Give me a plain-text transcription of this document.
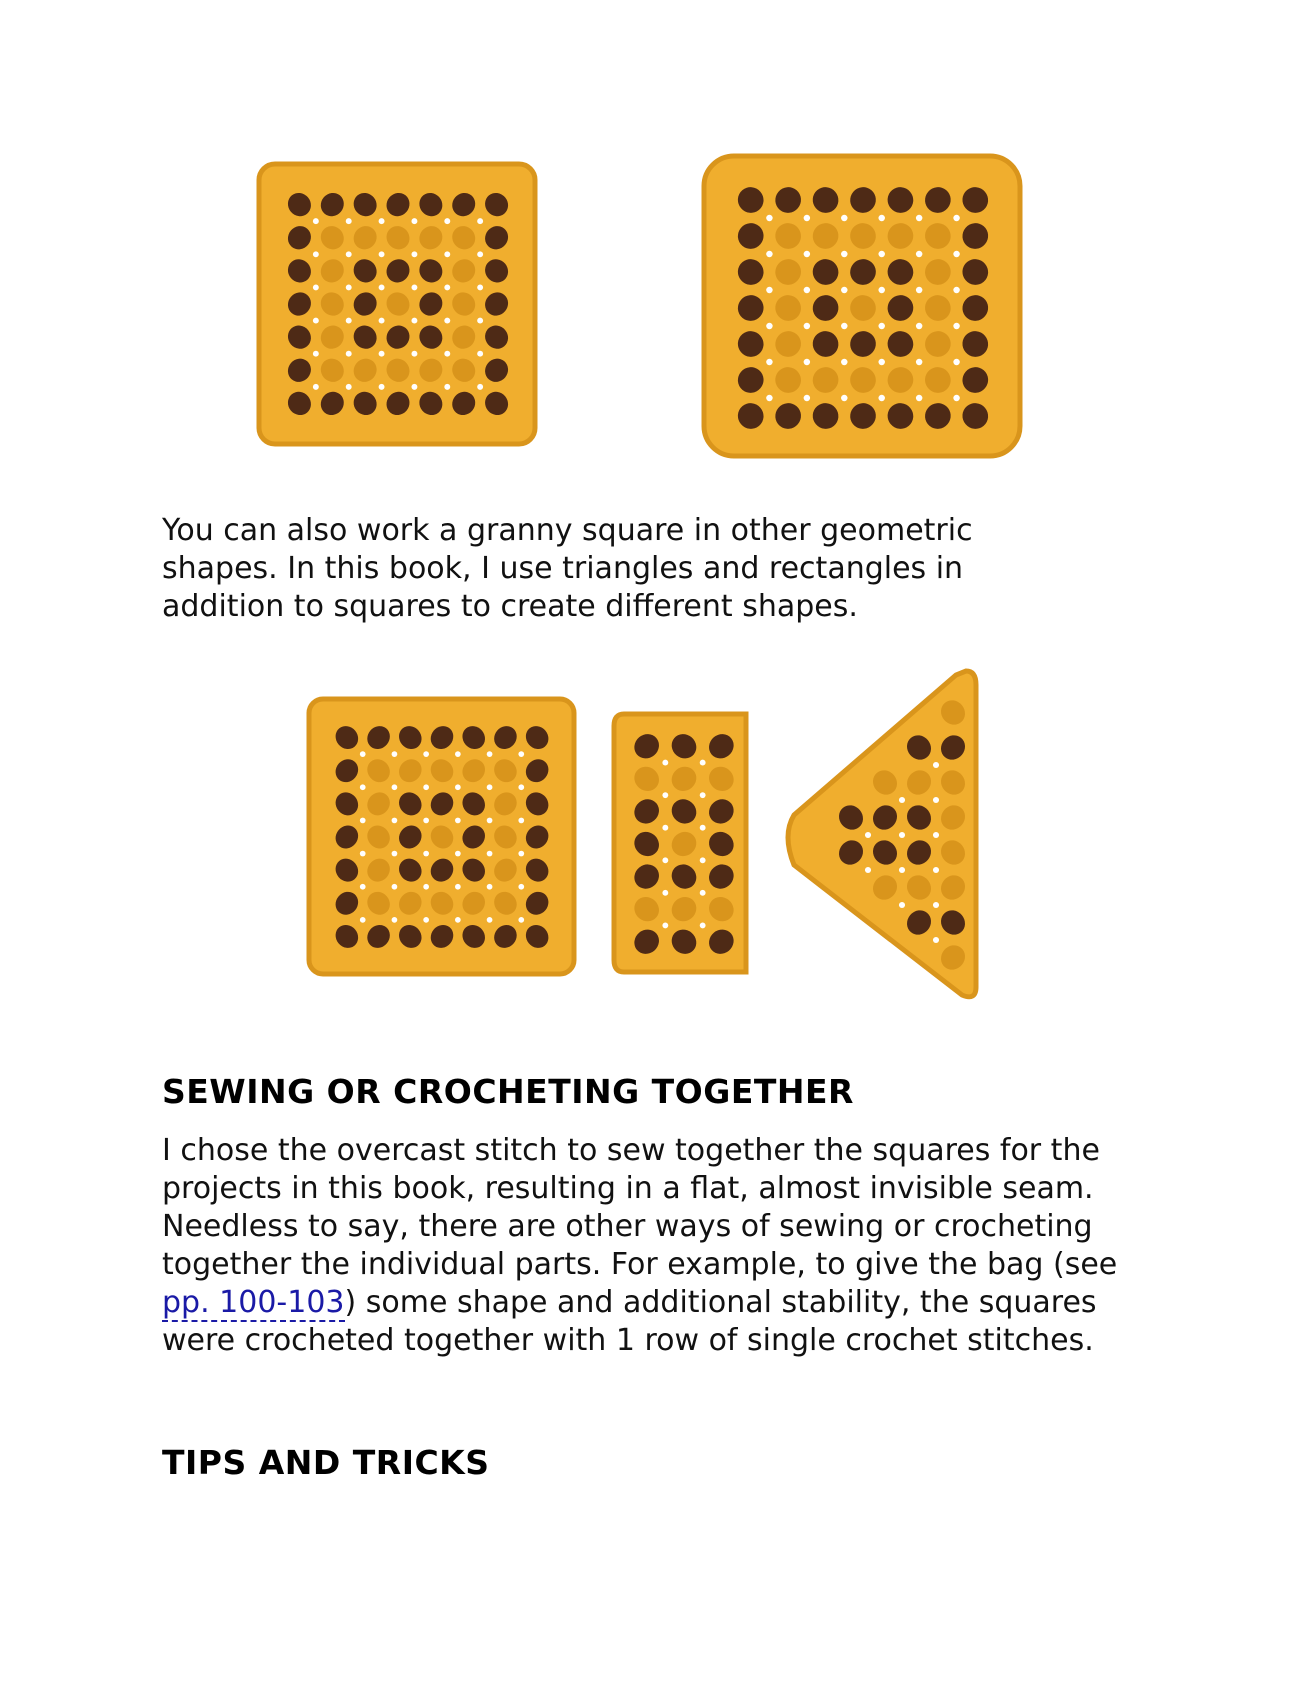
You can also work a granny square in other geometric shapes. In this book, I use triangles and rectangles in addition to squares to create different shapes.

SEWING OR CROCHETING TOGETHER

I chose the overcast stitch to sew together the squares for the projects in this book, resulting in a flat, almost invisible seam. Needless to say, there are other ways of sewing or crocheting together the individual parts. For example, to give the bag (see pp. 100-103) some shape and additional stability, the squares were crocheted together with 1 row of single crochet stitches.

TIPS AND TRICKS
